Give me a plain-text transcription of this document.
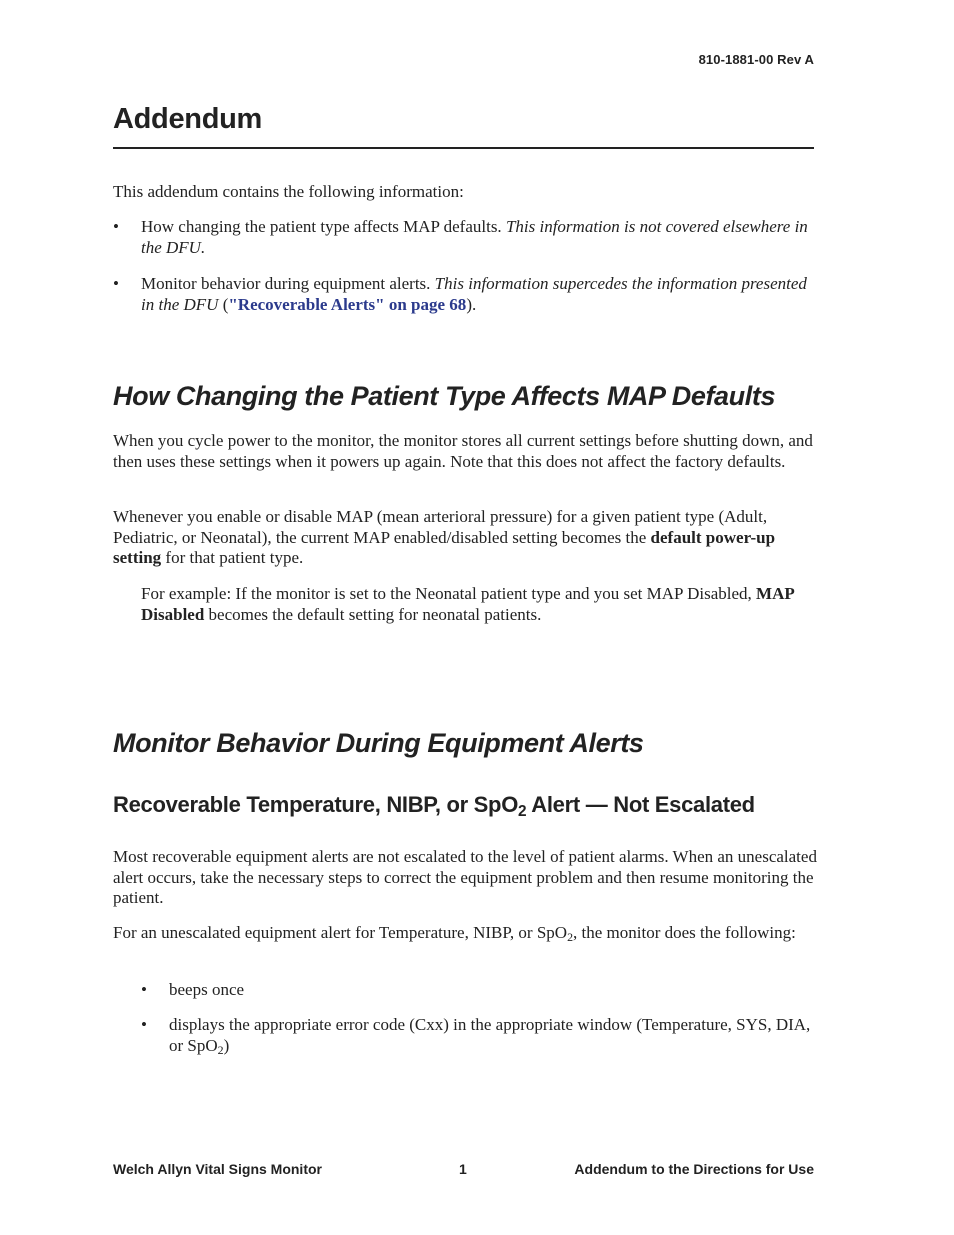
810-1881-00 Rev A
Addendum
This addendum contains the following information:
• How changing the patient type affects MAP defaults. This information is not covered elsewhere in the DFU.
• Monitor behavior during equipment alerts. This information supercedes the information presented in the DFU ("Recoverable Alerts" on page 68).
How Changing the Patient Type Affects MAP Defaults
When you cycle power to the monitor, the monitor stores all current settings before shutting down, and then uses these settings when it powers up again. Note that this does not affect the factory defaults.
Whenever you enable or disable MAP (mean arterioral pressure) for a given patient type (Adult, Pediatric, or Neonatal), the current MAP enabled/disabled setting becomes the default power-up setting for that patient type.
For example: If the monitor is set to the Neonatal patient type and you set MAP Disabled, MAP Disabled becomes the default setting for neonatal patients.
Monitor Behavior During Equipment Alerts
Recoverable Temperature, NIBP, or SpO$_2$ Alert — Not Escalated
Most recoverable equipment alerts are not escalated to the level of patient alarms. When an unescalated alert occurs, take the necessary steps to correct the equipment problem and then resume monitoring the patient.
For an unescalated equipment alert for Temperature, NIBP, or SpO$_2$, the monitor does the following:
• beeps once
• displays the appropriate error code (Cxx) in the appropriate window (Temperature, SYS, DIA, or SpO$_2$)
Welch Allyn Vital Signs Monitor	1	Addendum to the Directions for Use
